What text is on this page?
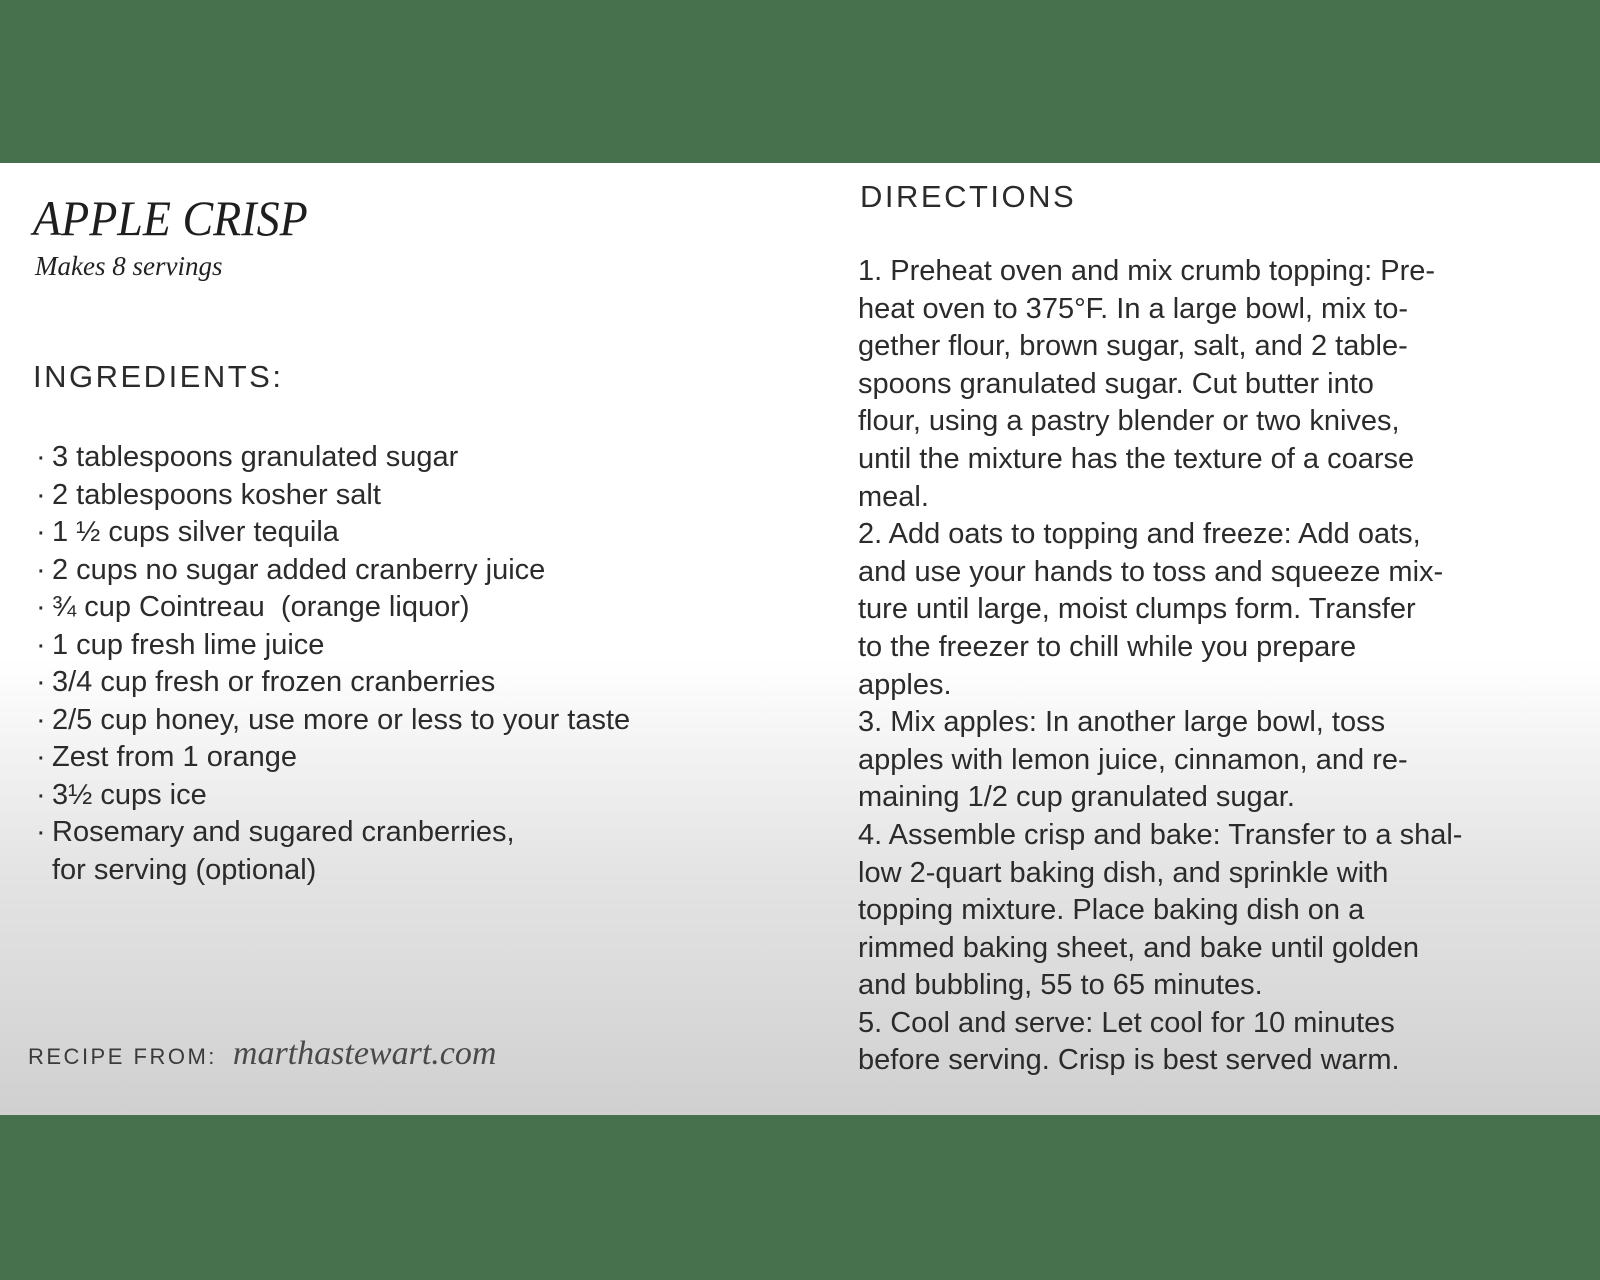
APPLE CRISP
Makes 8 servings
INGREDIENTS:
· 3 tablespoons granulated sugar
· 2 tablespoons kosher salt
· 1 ½ cups silver tequila
· 2 cups no sugar added cranberry juice
· ¾ cup Cointreau  (orange liquor)
· 1 cup fresh lime juice
· 3/4 cup fresh or frozen cranberries
· 2/5 cup honey, use more or less to your taste
· Zest from 1 orange
· 3½ cups ice
· Rosemary and sugared cranberries,
for serving (optional)
RECIPE FROM: marthastewart.com
DIRECTIONS
1. Preheat oven and mix crumb topping: Pre-
heat oven to 375°F. In a large bowl, mix to-
gether flour, brown sugar, salt, and 2 table-
spoons granulated sugar. Cut butter into
flour, using a pastry blender or two knives,
until the mixture has the texture of a coarse
meal.
2. Add oats to topping and freeze: Add oats,
and use your hands to toss and squeeze mix-
ture until large, moist clumps form. Transfer
to the freezer to chill while you prepare
apples.
3. Mix apples: In another large bowl, toss
apples with lemon juice, cinnamon, and re-
maining 1/2 cup granulated sugar.
4. Assemble crisp and bake: Transfer to a shal-
low 2-quart baking dish, and sprinkle with
topping mixture. Place baking dish on a
rimmed baking sheet, and bake until golden
and bubbling, 55 to 65 minutes.
5. Cool and serve: Let cool for 10 minutes
before serving. Crisp is best served warm.
